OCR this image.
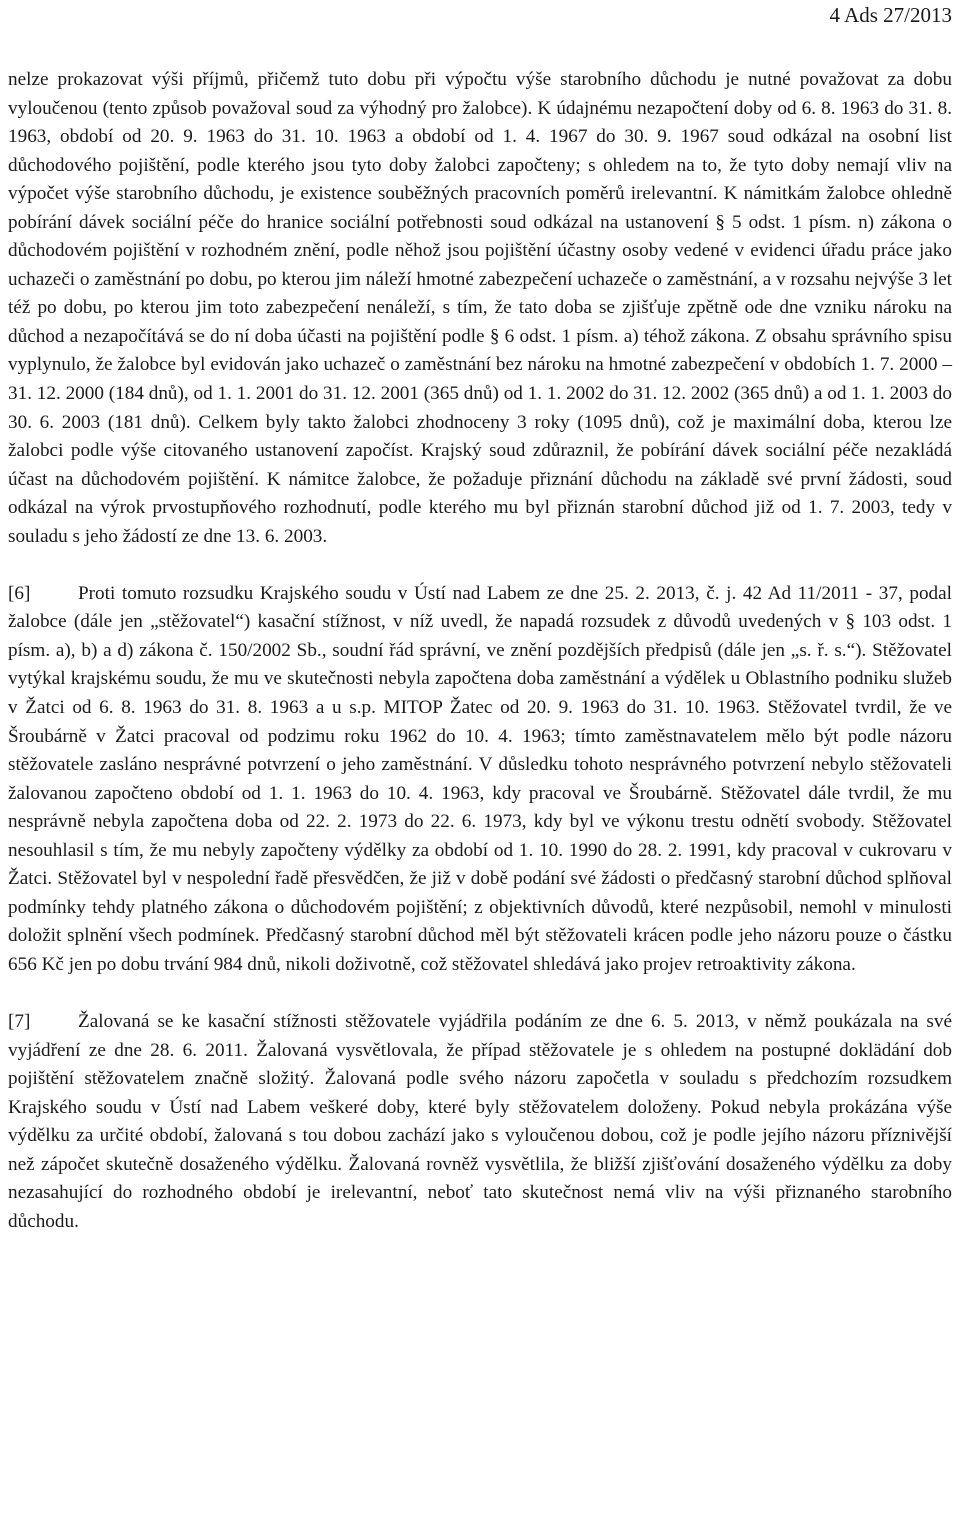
4 Ads 27/2013

nelze prokazovat výši příjmů, přičemž tuto dobu při výpočtu výše starobního důchodu je nutné považovat za dobu vyloučenou (tento způsob považoval soud za výhodný pro žalobce). K údajnému nezapočtení doby od 6. 8. 1963 do 31. 8. 1963, období od 20. 9. 1963 do 31. 10. 1963 a období od 1. 4. 1967 do 30. 9. 1967 soud odkázal na osobní list důchodového pojištění, podle kterého jsou tyto doby žalobci započteny; s ohledem na to, že tyto doby nemají vliv na výpočet výše starobního důchodu, je existence souběžných pracovních poměrů irelevantní. K námitkám žalobce ohledně pobírání dávek sociální péče do hranice sociální potřebnosti soud odkázal na ustanovení § 5 odst. 1 písm. n) zákona o důchodovém pojištění v rozhodném znění, podle něhož jsou pojištění účastny osoby vedené v evidenci úřadu práce jako uchazeči o zaměstnání po dobu, po kterou jim náleží hmotné zabezpečení uchazeče o zaměstnání, a v rozsahu nejvýše 3 let též po dobu, po kterou jim toto zabezpečení nenáleží, s tím, že tato doba se zjišťuje zpětně ode dne vzniku nároku na důchod a nezapočítává se do ní doba účasti na pojištění podle § 6 odst. 1 písm. a) téhož zákona. Z obsahu správního spisu vyplynulo, že žalobce byl evidován jako uchazeč o zaměstnání bez nároku na hmotné zabezpečení v obdobích 1. 7. 2000 – 31. 12. 2000 (184 dnů), od 1. 1. 2001 do 31. 12. 2001 (365 dnů) od 1. 1. 2002 do 31. 12. 2002 (365 dnů) a od 1. 1. 2003 do 30. 6. 2003 (181 dnů). Celkem byly takto žalobci zhodnoceny 3 roky (1095 dnů), což je maximální doba, kterou lze žalobci podle výše citovaného ustanovení započíst. Krajský soud zdůraznil, že pobírání dávek sociální péče nezakládá účast na důchodovém pojištění. K námitce žalobce, že požaduje přiznání důchodu na základě své první žádosti, soud odkázal na výrok prvostupňového rozhodnutí, podle kterého mu byl přiznán starobní důchod již od 1. 7. 2003, tedy v souladu s jeho žádostí ze dne 13. 6. 2003.

[6] Proti tomuto rozsudku Krajského soudu v Ústí nad Labem ze dne 25. 2. 2013, č. j. 42 Ad 11/2011 - 37, podal žalobce (dále jen „stěžovatel“) kasační stížnost, v níž uvedl, že napadá rozsudek z důvodů uvedených v § 103 odst. 1 písm. a), b) a d) zákona č. 150/2002 Sb., soudní řád správní, ve znění pozdějších předpisů (dále jen „s. ř. s.“). Stěžovatel vytýkal krajskému soudu, že mu ve skutečnosti nebyla započtena doba zaměstnání a výdělek u Oblastního podniku služeb v Žatci od 6. 8. 1963 do 31. 8. 1963 a u s.p. MITOP Žatec od 20. 9. 1963 do 31. 10. 1963. Stěžovatel tvrdil, že ve Šroubárně v Žatci pracoval od podzimu roku 1962 do 10. 4. 1963; tímto zaměstnavatelem mělo být podle názoru stěžovatele zasláno nesprávné potvrzení o jeho zaměstnání. V důsledku tohoto nesprávného potvrzení nebylo stěžovateli žalovanou započteno období od 1. 1. 1963 do 10. 4. 1963, kdy pracoval ve Šroubárně. Stěžovatel dále tvrdil, že mu nesprávně nebyla započtena doba od 22. 2. 1973 do 22. 6. 1973, kdy byl ve výkonu trestu odnětí svobody. Stěžovatel nesouhlasil s tím, že mu nebyly započteny výdělky za období od 1. 10. 1990 do 28. 2. 1991, kdy pracoval v cukrovaru v Žatci. Stěžovatel byl v nespolední řadě přesvědčen, že již v době podání své žádosti o předčasný starobní důchod splňoval podmínky tehdy platného zákona o důchodovém pojištění; z objektivních důvodů, které nezpůsobil, nemohl v minulosti doložit splnění všech podmínek. Předčasný starobní důchod měl být stěžovateli krácen podle jeho názoru pouze o částku 656 Kč jen po dobu trvání 984 dnů, nikoli doživotně, což stěžovatel shledává jako projev retroaktivity zákona.

[7] Žalovaná se ke kasační stížnosti stěžovatele vyjádřila podáním ze dne 6. 5. 2013, v němž poukázala na své vyjádření ze dne 28. 6. 2011. Žalovaná vysvětlovala, že případ stěžovatele je s ohledem na postupné doklädání dob pojištění stěžovatelem značně složitý. Žalovaná podle svého názoru započetla v souladu s předchozím rozsudkem Krajského soudu v Ústí nad Labem veškeré doby, které byly stěžovatelem doloženy. Pokud nebyla prokázána výše výdělku za určité období, žalovaná s tou dobou zachází jako s vyloučenou dobou, což je podle jejího názoru příznivější než zápočet skutečně dosaženého výdělku. Žalovaná rovněž vysvětlila, že bližší zjišťování dosaženého výdělku za doby nezasahující do rozhodného období je irelevantní, neboť tato skutečnost nemá vliv na výši přiznaného starobního důchodu.
